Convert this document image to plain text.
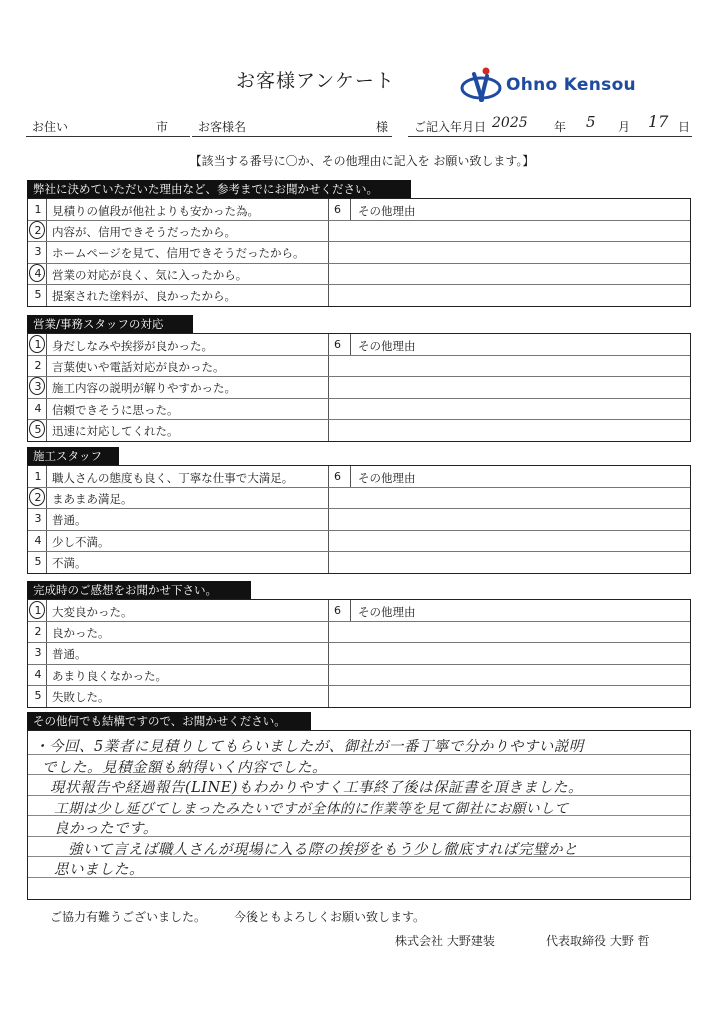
お客様アンケート	Ohno Kensou
お住い	市 お客様名	様 ご記入年月日 2025 年 5 月 17 日
【該当する番号に〇か、その他理由に記入を お願い致します。】
弊社に決めていただいた理由など、参考までにお聞かせください。
1 見積りの値段が他社よりも安かった為。
2 内容が、信用できそうだったから。
3 ホームページを見て、信用できそうだったから。
4 営業の対応が良く、気に入ったから。
5 提案された塗料が、良かったから。
6 その他理由
営業/事務スタッフの対応
1 身だしなみや挨拶が良かった。
2 言葉使いや電話対応が良かった。
3 施工内容の説明が解りやすかった。
4 信頼できそうに思った。
5 迅速に対応してくれた。
6 その他理由
施工スタッフ
1 職人さんの態度も良く、丁寧な仕事で大満足。
2 まあまあ満足。
3 普通。
4 少し不満。
5 不満。
6 その他理由
完成時のご感想をお聞かせ下さい。
1 大変良かった。
2 良かった。
3 普通。
4 あまり良くなかった。
5 失敗した。
6 その他理由
その他何でも結構ですので、お聞かせください。
・今回、5業者に見積りしてもらいましたが、御社が一番丁寧で分かりやすい説明
でした。見積金額も納得いく内容でした。
現状報告や経過報告(LINE)もわかりやすく工事終了後は保証書を頂きました。
工期は少し延びてしまったみたいですが全体的に作業等を見て御社にお願いして
良かったです。
強いて言えば職人さんが現場に入る際の挨拶をもう少し徹底すれば完璧かと
思いました。
ご協力有難うございました。 今後ともよろしくお願い致します。
株式会社 大野建装	代表取締役 大野 哲
